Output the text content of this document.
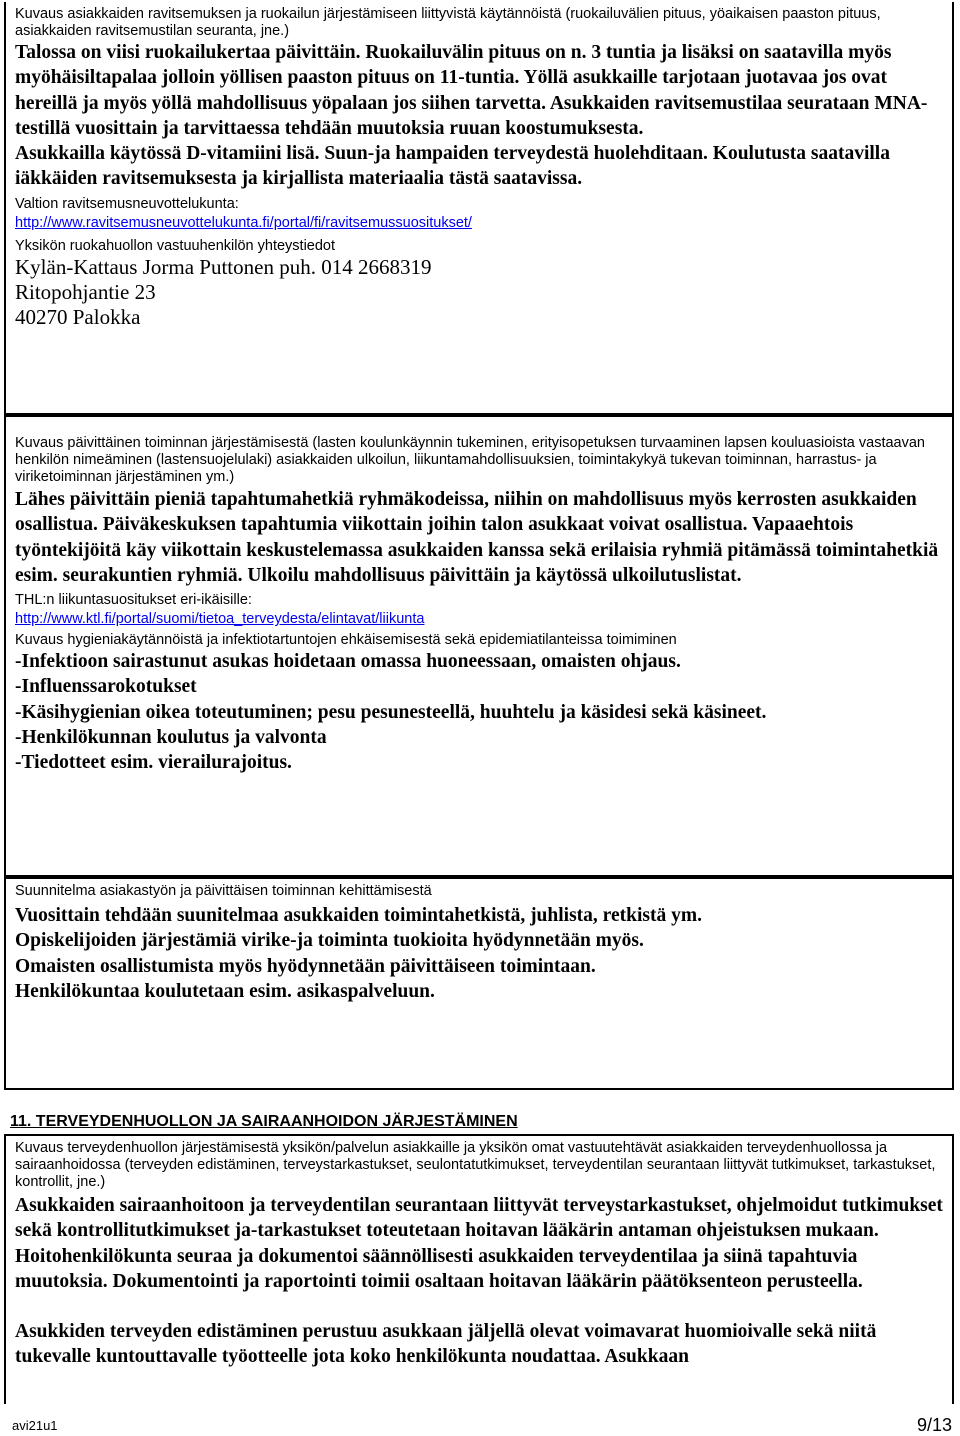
Kuvaus asiakkaiden ravitsemuksen ja ruokailun järjestämiseen liittyvistä käytännöistä (ruokailuvälien pituus, yöaikaisen paaston pituus, asiakkaiden ravitsemustilan seuranta, jne.)

Talossa on viisi ruokailukertaa päivittäin. Ruokailuvälin pituus on n. 3 tuntia ja lisäksi on saatavilla myös myöhäisiltapalaa jolloin yöllisen paaston pituus on 11-tuntia. Yöllä asukkaille tarjotaan juotavaa jos ovat hereillä ja myös yöllä mahdollisuus yöpalaan jos siihen tarvetta. Asukkaiden ravitsemustilaa seurataan MNA-testillä vuosittain ja tarvittaessa tehdään muutoksia ruuan koostumuksesta.

Asukkailla käytössä D-vitamiini lisä. Suun-ja hampaiden terveydestä huolehditaan. Koulutusta saatavilla iäkkäiden ravitsemuksesta ja kirjallista materiaalia tästä saatavissa.

Valtion ravitsemusneuvottelukunta:

http://www.ravitsemusneuvottelukunta.fi/portal/fi/ravitsemussuositukset/

Yksikön ruokahuollon vastuuhenkilön yhteystiedot

Kylän-Kattaus Jorma Puttonen puh. 014 2668319

Ritopohjantie 23

40270 Palokka

Kuvaus päivittäinen toiminnan järjestämisestä (lasten koulunkäynnin tukeminen, erityisopetuksen turvaaminen lapsen kouluasioista vastaavan henkilön nimeäminen (lastensuojelulaki) asiakkaiden ulkoilun, liikuntamahdollisuuksien, toimintakykyä tukevan toiminnan, harrastus- ja viriketoiminnan järjestäminen ym.)

Lähes päivittäin pieniä tapahtumahetkiä ryhmäkodeissa, niihin on mahdollisuus myös kerrosten asukkaiden osallistua. Päiväkeskuksen tapahtumia viikottain joihin talon asukkaat voivat osallistua. Vapaaehtois työntekijöitä käy viikottain keskustelemassa asukkaiden kanssa sekä erilaisia ryhmiä pitämässä toimintahetkiä esim. seurakuntien ryhmiä. Ulkoilu mahdollisuus päivittäin ja käytössä ulkoilutuslistat.

THL:n liikuntasuositukset eri-ikäisille:

http://www.ktl.fi/portal/suomi/tietoa_terveydesta/elintavat/liikunta

Kuvaus hygieniakäytännöistä ja infektiotartuntojen ehkäisemisestä sekä epidemiatilanteissa toimiminen

-Infektioon sairastunut asukas hoidetaan omassa huoneessaan, omaisten ohjaus.

-Influenssarokotukset

-Käsihygienian oikea toteutuminen; pesu pesunesteellä, huuhtelu ja käsidesi sekä käsineet.

-Henkilökunnan koulutus ja valvonta

-Tiedotteet esim. vierailurajoitus.

Suunnitelma asiakastyön ja päivittäisen toiminnan kehittämisestä

Vuosittain tehdään suunitelmaa asukkaiden toimintahetkistä, juhlista, retkistä ym.

Opiskelijoiden järjestämiä virike-ja toiminta tuokioita hyödynnetään myös.

Omaisten osallistumista myös hyödynnetään päivittäiseen toimintaan.

Henkilökuntaa koulutetaan esim. asikaspalveluun.

11. TERVEYDENHUOLLON JA SAIRAANHOIDON JÄRJESTÄMINEN

Kuvaus terveydenhuollon järjestämisestä yksikön/palvelun asiakkaille ja yksikön omat vastuutehtävät asiakkaiden terveydenhuollossa ja sairaanhoidossa (terveyden edistäminen, terveystarkastukset, seulontatutkimukset, terveydentilan seurantaan liittyvät tutkimukset, tarkastukset, kontrollit, jne.)

Asukkaiden sairaanhoitoon ja terveydentilan seurantaan liittyvät terveystarkastukset, ohjelmoidut tutkimukset sekä kontrollitutkimukset ja-tarkastukset toteutetaan hoitavan lääkärin antaman ohjeistuksen mukaan. Hoitohenkilökunta seuraa ja dokumentoi säännöllisesti asukkaiden terveydentilaa ja siinä tapahtuvia muutoksia. Dokumentointi ja raportointi toimii osaltaan hoitavan lääkärin päätöksenteon perusteella.

Asukkiden terveyden edistäminen perustuu asukkaan jäljellä olevat voimavarat huomioivalle sekä niitä tukevalle kuntouttavalle työotteelle jota koko henkilökunta noudattaa. Asukkaan

avi21u1	9/13
